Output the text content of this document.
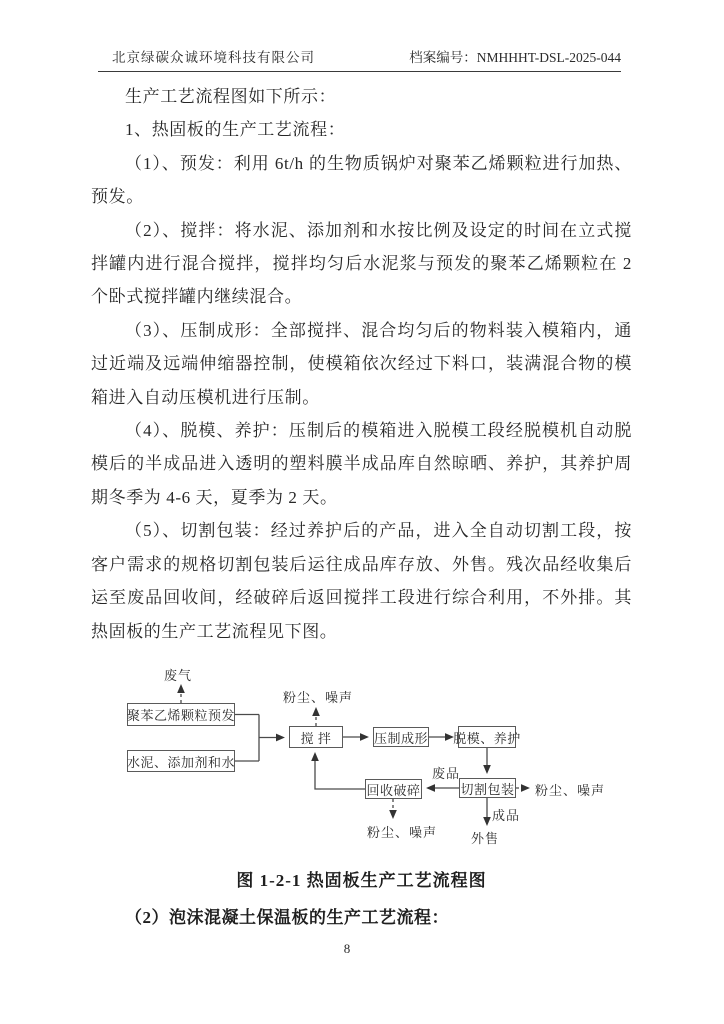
北京绿碳众诚环境科技有限公司	档案编号：NMHHHT-DSL-2025-044

生产工艺流程图如下所示：

1、热固板的生产工艺流程：

（1）、预发：利用 6t/h 的生物质锅炉对聚苯乙烯颗粒进行加热、预发。

（2）、搅拌：将水泥、添加剂和水按比例及设定的时间在立式搅拌罐内进行混合搅拌，搅拌均匀后水泥浆与预发的聚苯乙烯颗粒在 2 个卧式搅拌罐内继续混合。

（3）、压制成形：全部搅拌、混合均匀后的物料装入模箱内，通过近端及远端伸缩器控制，使模箱依次经过下料口，装满混合物的模箱进入自动压模机进行压制。

（4）、脱模、养护：压制后的模箱进入脱模工段经脱模机自动脱模后的半成品进入透明的塑料膜半成品库自然晾晒、养护，其养护周期冬季为 4-6 天，夏季为 2 天。

（5）、切割包装：经过养护后的产品，进入全自动切割工段，按客户需求的规格切割包装后运往成品库存放、外售。残次品经收集后运至废品回收间，经破碎后返回搅拌工段进行综合利用，不外排。其热固板的生产工艺流程见下图。

聚苯乙烯颗粒预发
水泥、添加剂和水
搅 拌	压制成形 脱模、养护
切割包装
回收破碎
废气
粉尘、噪声
粉尘、噪声
粉尘、噪声
废品
成品
外售
图 1-2-1 热固板生产工艺流程图
（2）泡沫混凝土保温板的生产工艺流程：
8
